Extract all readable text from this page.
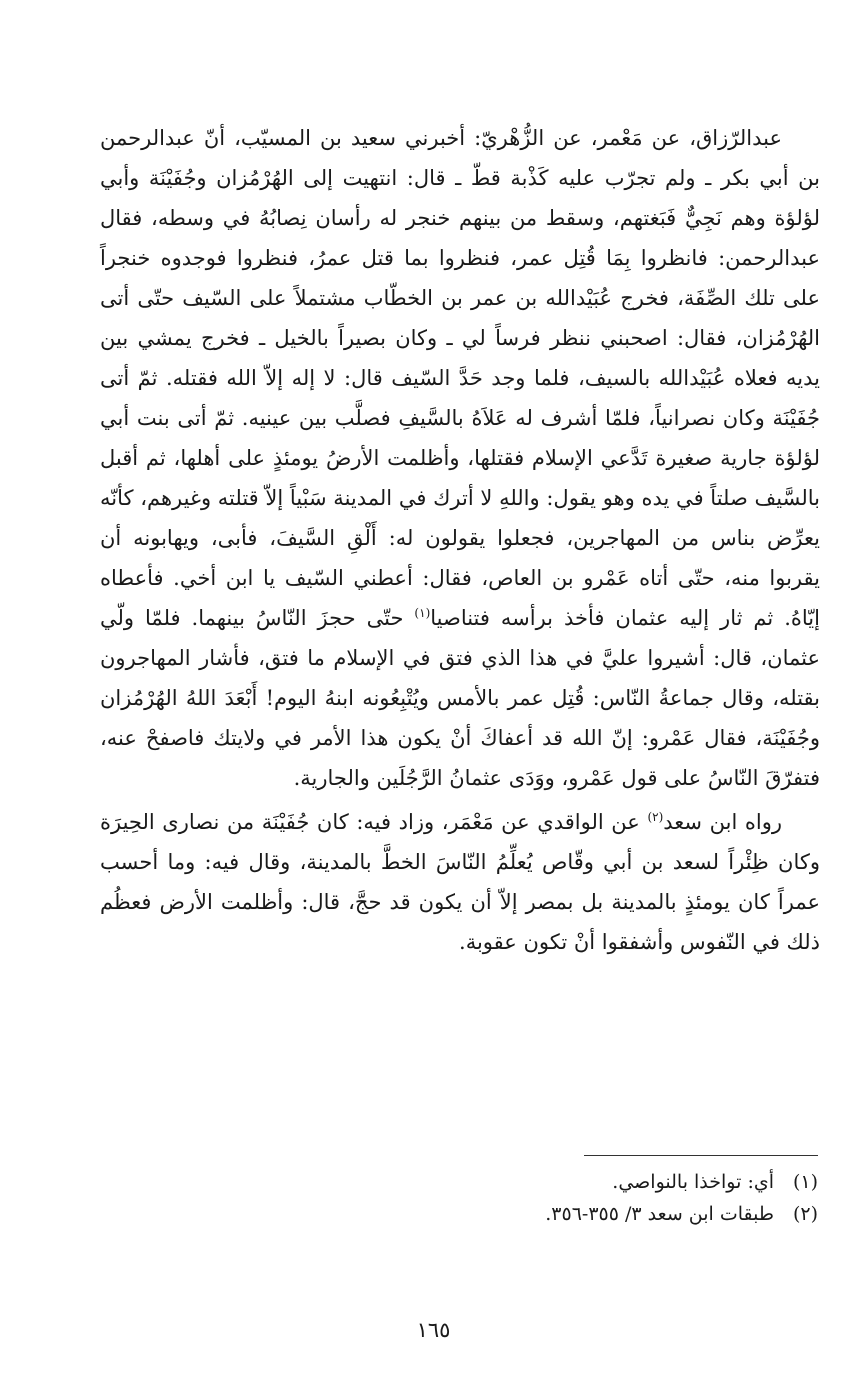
عبدالرّزاق، عن مَعْمر، عن الزُّهْريّ: أخبرني سعيد بن المسيّب، أنّ عبدالرحمن بن أبي بكر ـ ولم تجرّب عليه كَذْبة قطّ ـ قال: انتهيت إلى الهُرْمُزان وجُفَيْنَة وأبي لؤلؤة وهم نَجِيٌّ فَبَغتهم، وسقط من بينهم خنجر له رأسان نِصابُهُ في وسطه، فقال عبدالرحمن: فانظروا بِمَا قُتِل عمر، فنظروا بما قتل عمرُ، فنظروا فوجدوه خنجراً على تلك الصِّفَة، فخرج عُبَيْدالله بن عمر بن الخطّاب مشتملاً على السّيف حتّى أتى الهُرْمُزان، فقال: اصحبني ننظر فرساً لي ـ وكان بصيراً بالخيل ـ فخرج يمشي بين يديه فعلاه عُبَيْدالله بالسيف، فلما وجد حَدَّ السّيف قال: لا إله إلاّ الله فقتله. ثمّ أتى جُفَيْنَة وكان نصرانياً، فلمّا أشرف له عَلاَهُ بالسَّيفِ فصلَّب بين عينيه. ثمّ أتى بنت أبي لؤلؤة جارية صغيرة تَدَّعي الإسلام فقتلها، وأظلمت الأرضُ يومئذٍ على أهلها، ثم أقبل بالسَّيف صلتاً في يده وهو يقول: واللهِ لا أترك في المدينة سَبْياً إلاّ قتلته وغيرهم، كأنّه يعرِّض بناس من المهاجرين، فجعلوا يقولون له: أَلْقِ السَّيفَ، فأبى، ويهابونه أن يقربوا منه، حتّى أتاه عَمْرو بن العاص، فقال: أعطني السّيف يا ابن أخي. فأعطاه إيّاهُ. ثم ثار إليه عثمان فأخذ برأسه فتناصيا$^{(١)}$ حتّى حجزَ النّاسُ بينهما. فلمّا ولّي عثمان، قال: أشيروا عليَّ في هذا الذي فتق في الإسلام ما فتق، فأشار المهاجرون بقتله، وقال جماعةُ النّاس: قُتِل عمر بالأمس ويُتْبِعُونه ابنهُ اليوم! أَبْعَدَ اللهُ الهُرْمُزان وجُفَيْنَة، فقال عَمْرو: إنّ الله قد أعفاكَ أنْ يكون هذا الأمر في ولايتك فاصفحْ عنه، فتفرّقَ النّاسُ على قول عَمْرو، ووَدَى عثمانُ الرَّجُلَين والجارية.

رواه ابن سعد$^{(٢)}$ عن الواقدي عن مَعْمَر، وزاد فيه: كان جُفَيْنَة من نصارى الحِيرَة وكان ظِئْراً لسعد بن أبي وقّاص يُعلِّمُ النّاسَ الخطَّ بالمدينة، وقال فيه: وما أحسب عمراً كان يومئذٍ بالمدينة بل بمصر إلاّ أن يكون قد حجَّ، قال: وأظلمت الأرض فعظُم ذلك في النّفوس وأشفقوا أنْ تكون عقوبة.

(١)
أي: تواخذا بالنواصي.
(٢)
طبقات ابن سعد ٣/ ٣٥٥-٣٥٦.
١٦٥
